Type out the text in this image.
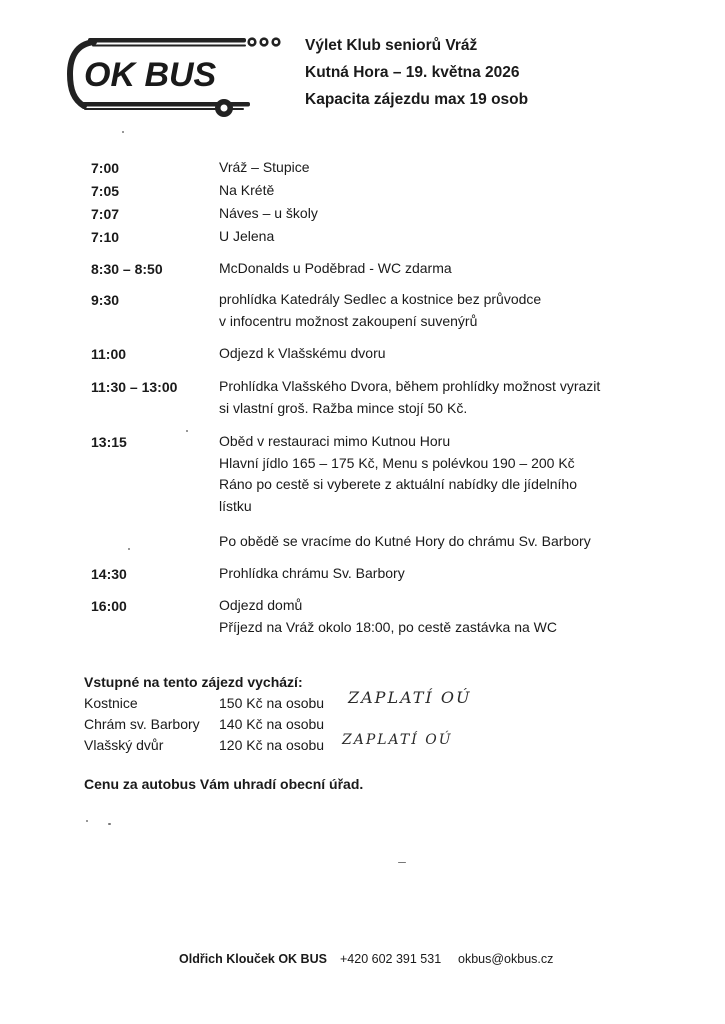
OK BUS
Výlet Klub seniorů Vráž
Kutná Hora – 19. května 2026
Kapacita zájezdu max 19 osob
7:00	Vráž – Stupice
7:05	Na Krétě
7:07	Náves – u školy
7:10	U Jelena
8:30 – 8:50	McDonalds u Poděbrad - WC zdarma
9:30	prohlídka Katedrály Sedlec a kostnice bez průvodce
v infocentru možnost zakoupení suvenýrů
11:00	Odjezd k Vlašskému dvoru
11:30 – 13:00	Prohlídka Vlašského Dvora, během prohlídky možnost vyrazit
si vlastní groš. Ražba mince stojí 50 Kč.
13:15	Oběd v restauraci mimo Kutnou Horu
Hlavní jídlo 165 – 175 Kč, Menu s polévkou 190 – 200 Kč
Ráno po cestě si vyberete z aktuální nabídky dle jídelního
lístku
Po obědě se vracíme do Kutné Hory do chrámu Sv. Barbory
14:30	Prohlídka chrámu Sv. Barbory
16:00	Odjezd domů
Příjezd na Vráž okolo 18:00, po cestě zastávka na WC
Vstupné na tento zájezd vychází:
Kostnice	150 Kč na osobu ZAPLATÍ OÚ
Chrám sv. Barbory 140 Kč na osobu
Vlašský dvůr	120 Kč na osobu ZAPLATÍ OÚ
Cenu za autobus Vám uhradí obecní úřad.
Oldřich Klouček OK BUS +420 602 391 531 okbus@okbus.cz
